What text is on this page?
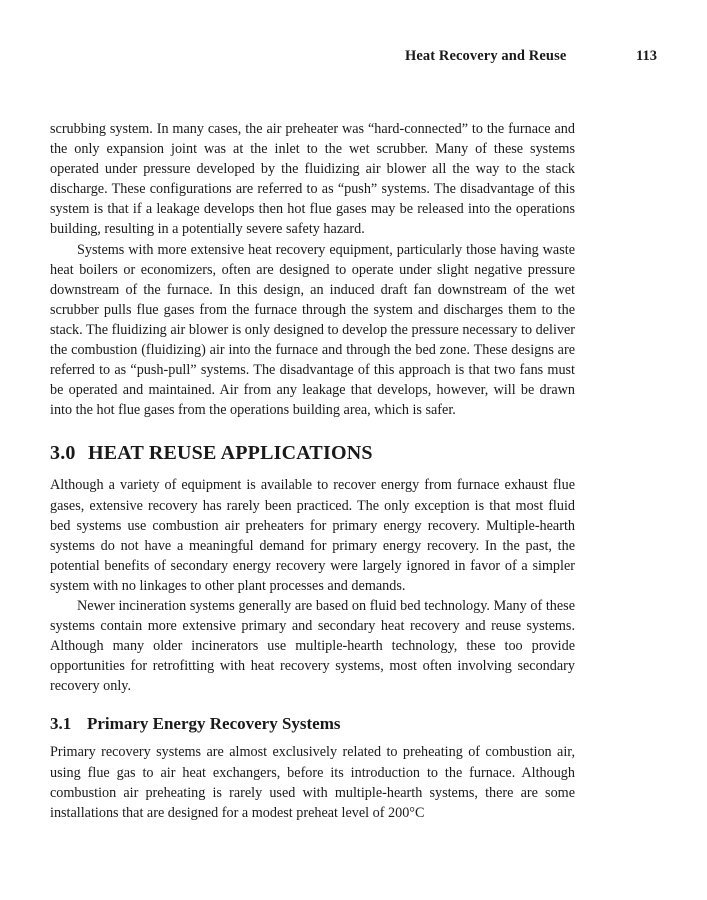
Heat Recovery and Reuse	113

scrubbing system. In many cases, the air preheater was “hard-connected” to the furnace and the only expansion joint was at the inlet to the wet scrubber. Many of these systems operated under pressure developed by the fluidizing air blower all the way to the stack discharge. These configurations are referred to as “push” systems. The disadvantage of this system is that if a leakage develops then hot flue gases may be released into the operations building, resulting in a potentially severe safety hazard.

Systems with more extensive heat recovery equipment, particularly those having waste heat boilers or economizers, often are designed to operate under slight negative pressure downstream of the furnace. In this design, an induced draft fan downstream of the wet scrubber pulls flue gases from the furnace through the system and discharges them to the stack. The fluidizing air blower is only designed to develop the pressure necessary to deliver the combustion (fluidizing) air into the furnace and through the bed zone. These designs are referred to as “push-pull” systems. The disadvantage of this approach is that two fans must be operated and maintained. Air from any leakage that develops, however, will be drawn into the hot flue gases from the operations building area, which is safer.

3.0 HEAT REUSE APPLICATIONS

Although a variety of equipment is available to recover energy from furnace exhaust flue gases, extensive recovery has rarely been practiced. The only exception is that most fluid bed systems use combustion air preheaters for primary energy recovery. Multiple-hearth systems do not have a meaningful demand for primary energy recovery. In the past, the potential benefits of secondary energy recovery were largely ignored in favor of a simpler system with no linkages to other plant processes and demands.

Newer incineration systems generally are based on fluid bed technology. Many of these systems contain more extensive primary and secondary heat recovery and reuse systems. Although many older incinerators use multiple-hearth technology, these too provide opportunities for retrofitting with heat recovery systems, most often involving secondary recovery only.

3.1 Primary Energy Recovery Systems

Primary recovery systems are almost exclusively related to preheating of combustion air, using flue gas to air heat exchangers, before its introduction to the furnace. Although combustion air preheating is rarely used with multiple-hearth systems, there are some installations that are designed for a modest preheat level of 200°C
